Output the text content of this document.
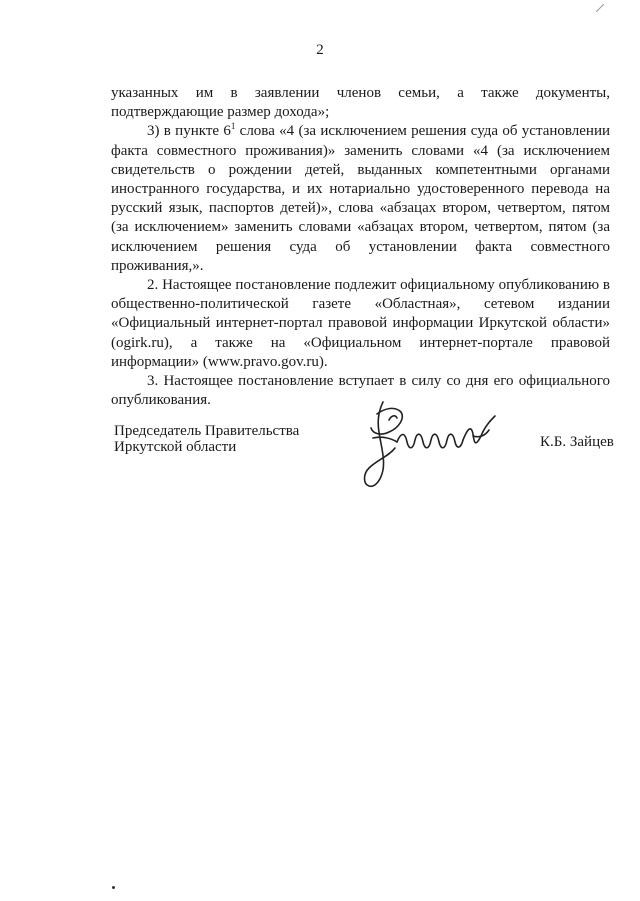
2

указанных им в заявлении членов семьи, а также документы, подтверждающие размер дохода»;

3) в пункте $6^1$ слова «4 (за исключением решения суда об установлении факта совместного проживания)» заменить словами «4 (за исключением свидетельств о рождении детей, выданных компетентными органами иностранного государства, и их нотариально удостоверенного перевода на русский язык, паспортов детей)», слова «абзацах втором, четвертом, пятом (за исключением» заменить словами «абзацах втором, четвертом, пятом (за исключением решения суда об установлении факта совместного проживания,».

2. Настоящее постановление подлежит официальному опубликованию в общественно-политической газете «Областная», сетевом издании «Официальный интернет-портал правовой информации Иркутской области» (ogirk.ru), а также на «Официальном интернет-портале правовой информации» (www.pravo.gov.ru).

3. Настоящее постановление вступает в силу со дня его официального опубликования.

Председатель Правительства
Иркутской области	К.Б. Зайцев
